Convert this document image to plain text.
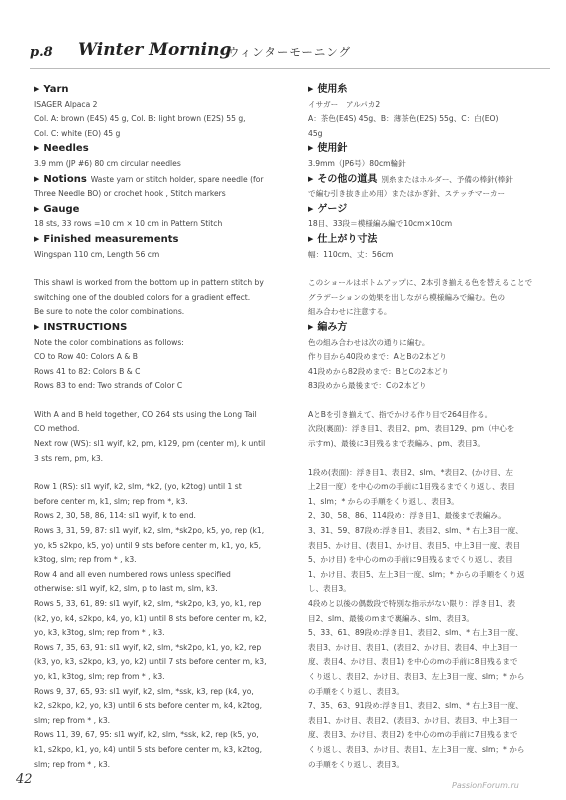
p.8 Winter Morning
ウィンターモーニング
▶ Yarn
ISAGER Alpaca 2
Col. A: brown (E4S) 45 g, Col. B: light brown (E2S) 55 g,
Col. C: white (EO) 45 g
▶ Needles
3.9 mm (JP #6) 80 cm circular needles
▶ Notions Waste yarn or stitch holder, spare needle (for
Three Needle BO) or crochet hook , Stitch markers
▶ Gauge
18 sts, 33 rows =10 cm × 10 cm in Pattern Stitch
▶ Finished measurements
Wingspan 110 cm, Length 56 cm
This shawl is worked from the bottom up in pattern stitch by
switching one of the doubled colors for a gradient effect.
Be sure to note the color combinations.
▶ INSTRUCTIONS
Note the color combinations as follows:
CO to Row 40: Colors A & B
Rows 41 to 82: Colors B & C
Rows 83 to end: Two strands of Color C
With A and B held together, CO 264 sts using the Long Tail
CO method.
Next row (WS): sl1 wyif, k2, pm, k129, pm (center m), k until
3 sts rem, pm, k3.
Row 1 (RS): sl1 wyif, k2, slm, *k2, (yo, k2tog) until 1 st
before center m, k1, slm; rep from *, k3.
Rows 2, 30, 58, 86, 114: sl1 wyif, k to end.
Rows 3, 31, 59, 87: sl1 wyif, k2, slm, *sk2po, k5, yo, rep (k1,
yo, k5 s2kpo, k5, yo) until 9 sts before center m, k1, yo, k5,
k3tog, slm; rep from * , k3.
Row 4 and all even numbered rows unless specified
otherwise: sl1 wyif, k2, slm, p to last m, slm, k3.
Rows 5, 33, 61, 89: sl1 wyif, k2, slm, *sk2po, k3, yo, k1, rep
(k2, yo, k4, s2kpo, k4, yo, k1) until 8 sts before center m, k2,
yo, k3, k3tog, slm; rep from * , k3.
Rows 7, 35, 63, 91: sl1 wyif, k2, slm, *sk2po, k1, yo, k2, rep
(k3, yo, k3, s2kpo, k3, yo, k2) until 7 sts before center m, k3,
yo, k1, k3tog, slm; rep from * , k3.
Rows 9, 37, 65, 93: sl1 wyif, k2, slm, *ssk, k3, rep (k4, yo,
k2, s2kpo, k2, yo, k3) until 6 sts before center m, k4, k2tog,
slm; rep from * , k3.
Rows 11, 39, 67, 95: sl1 wyif, k2, slm, *ssk, k2, rep (k5, yo,
k1, s2kpo, k1, yo, k4) until 5 sts before center m, k3, k2tog,
slm; rep from * , k3.
▶ 使用糸
イサガー　アルパカ2
A：茶色(E4S) 45g、B：薄茶色(E2S) 55g、C：白(EO)
45g
▶ 使用針
3.9mm（JP6号）80cm輪針
▶ その他の道具 別糸またはホルダー、予備の棒針(棒針
で編む引き抜き止め用）またはかぎ針、ステッチマーカー
▶ ゲージ
18目、33段＝模様編み編で10cm×10cm
▶ 仕上がり寸法
幅：110cm、丈：56cm
このショールはボトムアップに、2本引き揃える色を替えることで
グラデーションの効果を出しながら模様編みで編む。色の
組み合わせに注意する。
▶ 編み方
色の組み合わせは次の通りに編む。
作り目から40段めまで：AとBの2本どり
41段めから82段めまで：BとCの2本どり
83段めから最後まで：Cの2本どり
AとBを引き揃えて、指でかける作り目で264目作る。
次段(裏面)：浮き目1、表目2、pm、表目129、pm（中心を
示すm)、最後に3目残るまで表編み、pm、表目3。
1段め(表面)：浮き目1、表目2、slm、*表目2、(かけ目、左
上2目一度）を中心のmの手前に1目残るまでくり返し、表目
1、slm；* からの手順をくり返し、表目3。
2、30、58、86、114段め：浮き目1、最後まで表編み。
3、31、59、87段め:浮き目1、表目2、slm、* 右上3目一度、
表目5、かけ目、(表目1、かけ目、表目5、中上3目一度、表目
5、かけ目) を中心のmの手前に9目残るまでくり返し、表目
1、かけ目、表目5、左上3目一度、slm；* からの手順をくり返
し、表目3。
4段めと以後の偶数段で特別な指示がない限り：浮き目1、表
目2、slm、最後のmまで裏編み、slm、表目3。
5、33、61、89段め:浮き目1、表目2、slm、* 右上3目一度、
表目3、かけ目、表目1、(表目2、かけ目、表目4、中上3目一
度、表目4、かけ目、表目1) を中心のmの手前に8目残るまで
くり返し、表目2、かけ目、表目3、左上3目一度、slm；* から
の手順をくり返し、表目3。
7、35、63、91段め:浮き目1、表目2、slm、* 右上3目一度、
表目1、かけ目、表目2、(表目3、かけ目、表目3、中上3目一
度、表目3、かけ目、表目2) を中心のmの手前に7目残るまで
くり返し、表目3、かけ目、表目1、左上3目一度、slm；* から
の手順をくり返し、表目3。
42	PassionForum.ru
